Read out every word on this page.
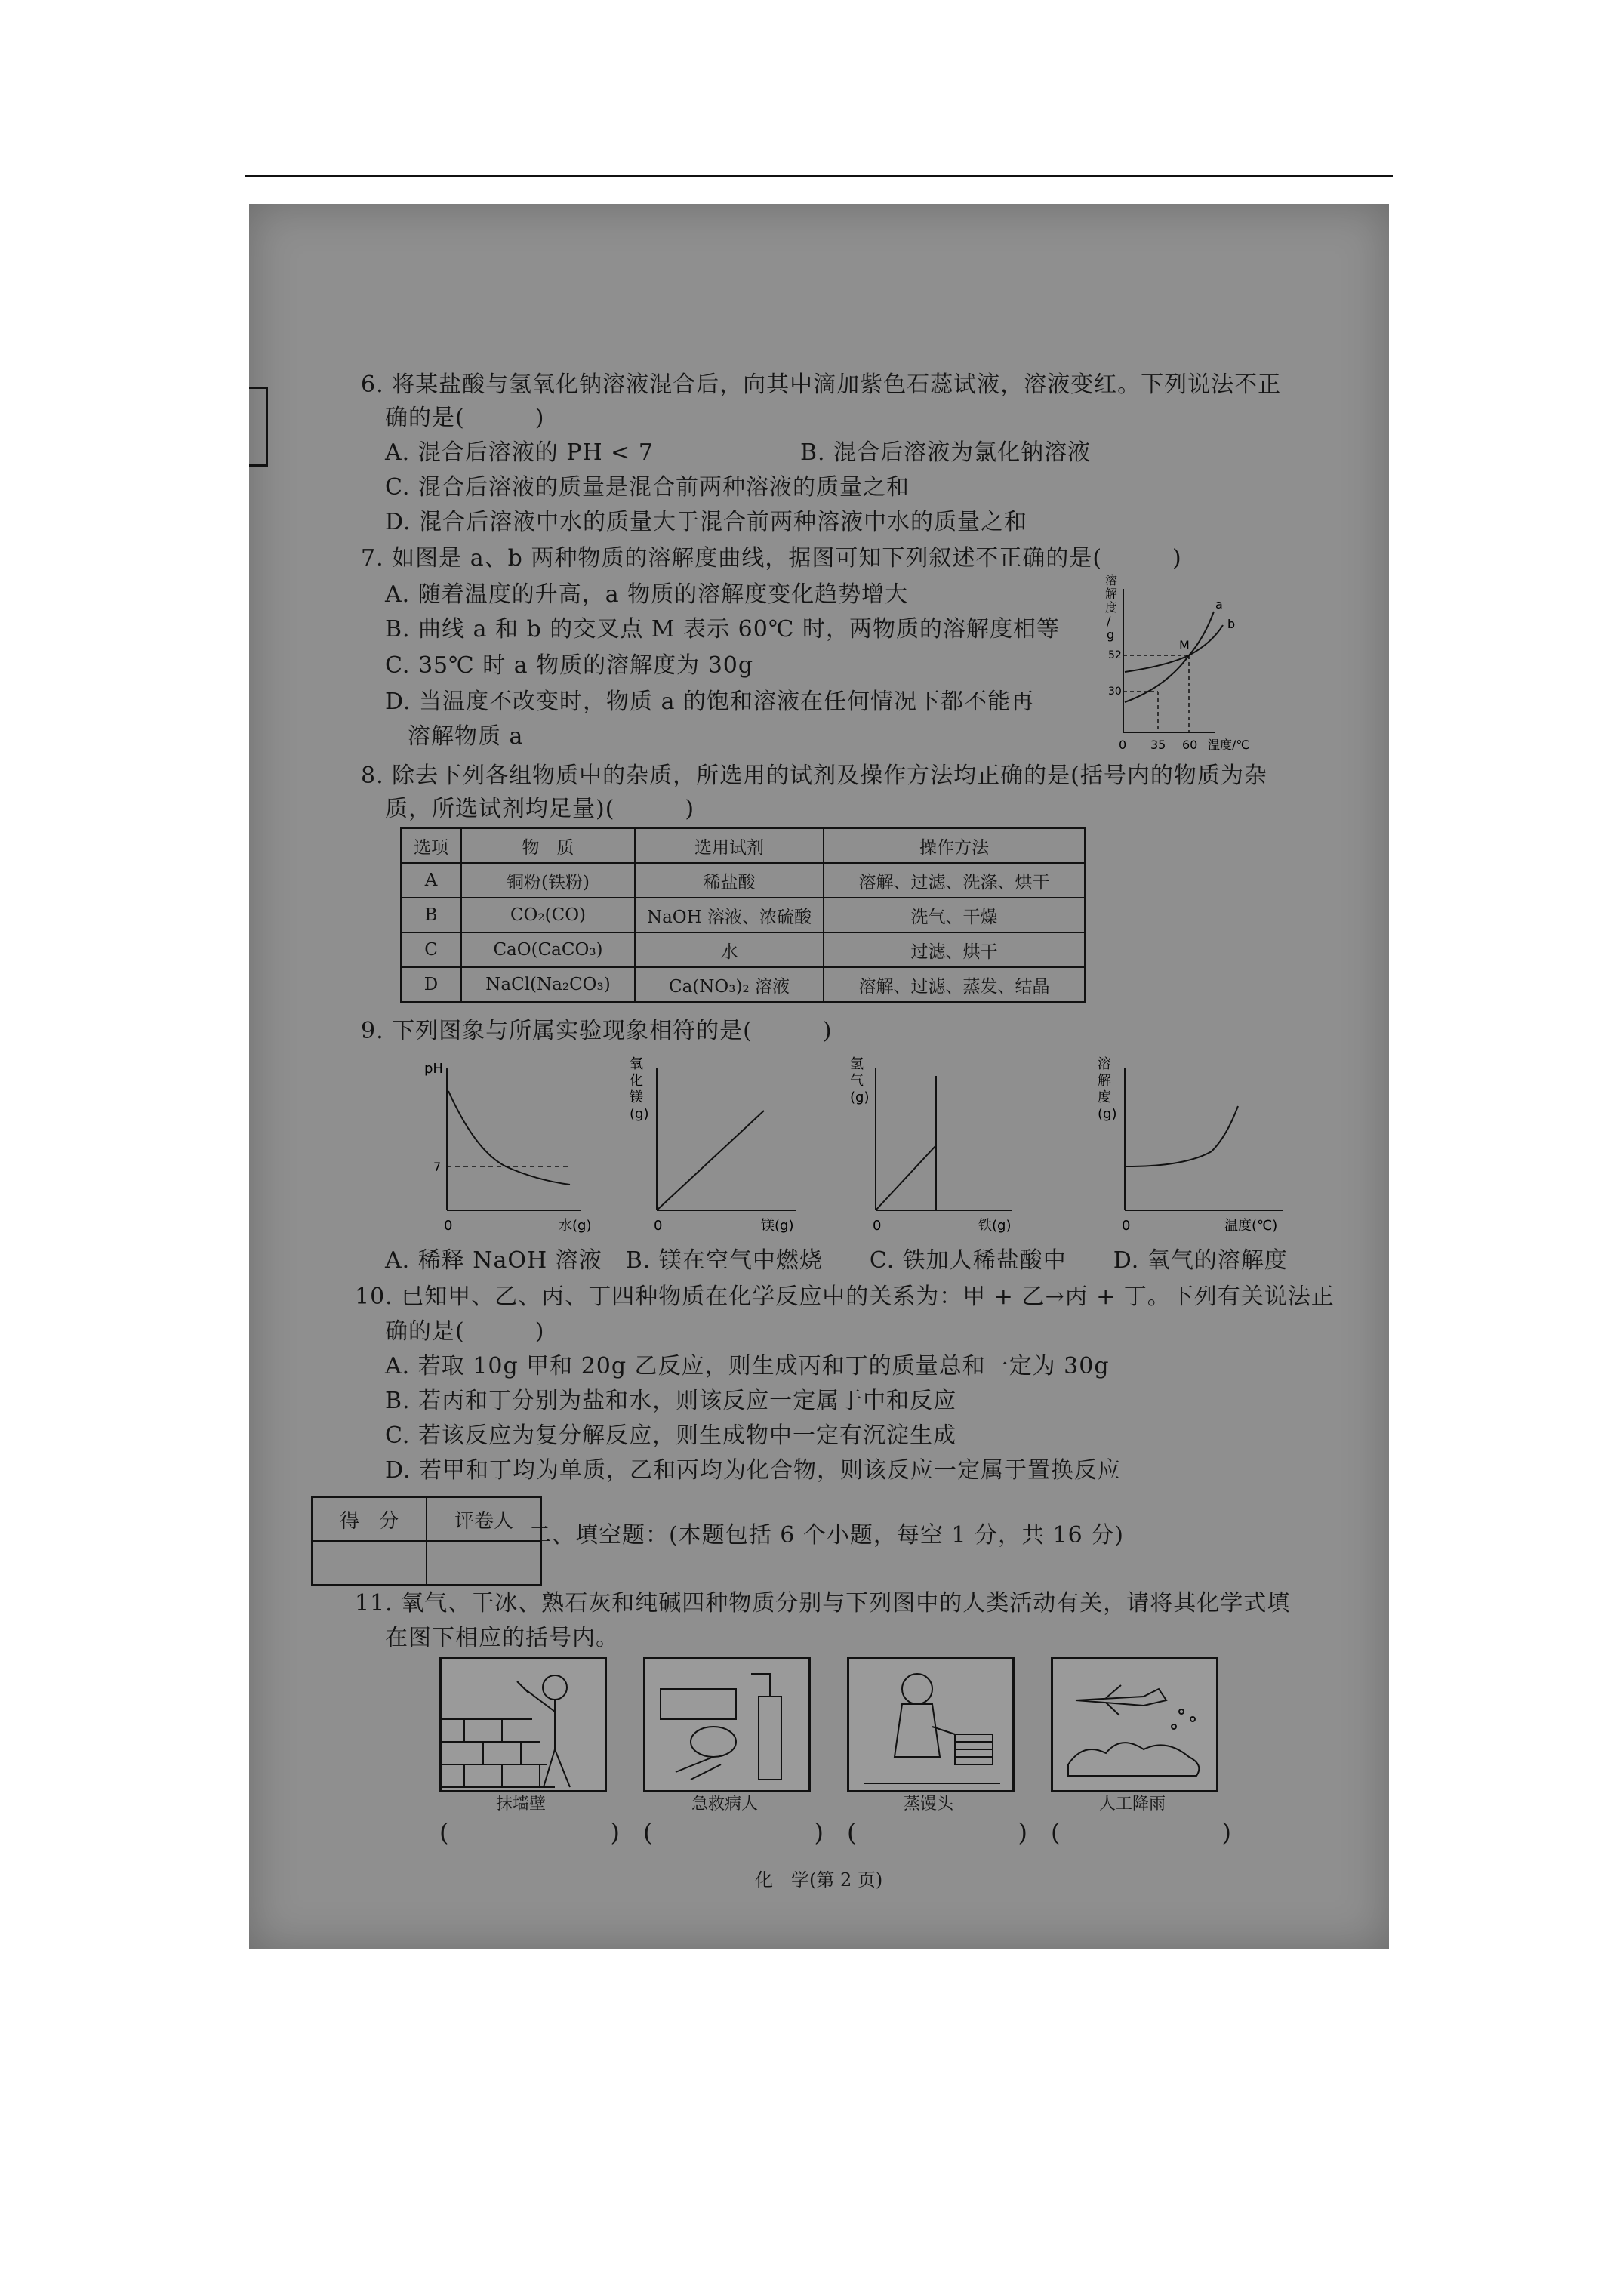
6. 将某盐酸与氢氧化钠溶液混合后，向其中滴加紫色石蕊试液，溶液变红。下列说法不正
确的是(　　　)
A. 混合后溶液的 PH < 7	B. 混合后溶液为氯化钠溶液
C. 混合后溶液的质量是混合前两种溶液的质量之和
D. 混合后溶液中水的质量大于混合前两种溶液中水的质量之和
7. 如图是 a、b 两种物质的溶解度曲线，据图可知下列叙述不正确的是(　　　)
A. 随着温度的升高，a 物质的溶解度变化趋势增大
B. 曲线 a 和 b 的交叉点 M 表示 60℃ 时，两物质的溶解度相等
C. 35℃ 时 a 物质的溶解度为 30g
D. 当温度不改变时，物质 a 的饱和溶液在任何情况下都不能再
溶解物质 a
溶
解
度
/
g
52
30
0 35 60 温度/℃
a
b
M
8. 除去下列各组物质中的杂质，所选用的试剂及操作方法均正确的是(括号内的物质为杂
质，所选试剂均足量)(　　　)
选项	物　质	选用试剂	操作方法
A	铜粉(铁粉)	稀盐酸	溶解、过滤、洗涤、烘干
B	CO₂(CO)	NaOH 溶液、浓硫酸	洗气、干燥
C	CaO(CaCO₃)	水	过滤、烘干
D	NaCl(Na₂CO₃)	Ca(NO₃)₂ 溶液	溶解、过滤、蒸发、结晶
9. 下列图象与所属实验现象相符的是(　　　)
pH
7
0	水(g)
氧
化
镁
(g)
0	镁(g)
氢
气
(g)
0	铁(g)
溶
解
度
(g)
0	温度(℃)
A. 稀释 NaOH 溶液　B. 镁在空气中燃烧　　C. 铁加人稀盐酸中　　D. 氧气的溶解度
10. 已知甲、乙、丙、丁四种物质在化学反应中的关系为：甲 + 乙→丙 + 丁。下列有关说法正
确的是(　　　)
A. 若取 10g 甲和 20g 乙反应，则生成丙和丁的质量总和一定为 30g
B. 若丙和丁分别为盐和水，则该反应一定属于中和反应
C. 若该反应为复分解反应，则生成物中一定有沉淀生成
D. 若甲和丁均为单质，乙和丙均为化合物，则该反应一定属于置换反应
得　分	评卷人

二、填空题：(本题包括 6 个小题，每空 1 分，共 16 分)
11. 氧气、干冰、熟石灰和纯碱四种物质分别与下列图中的人类活动有关，请将其化学式填
在图下相应的括号内。
抹墙壁	急救病人	蒸馒头	人工降雨
(　　)
(　　)
(　　)
(　　)
化　学(第 2 页)
